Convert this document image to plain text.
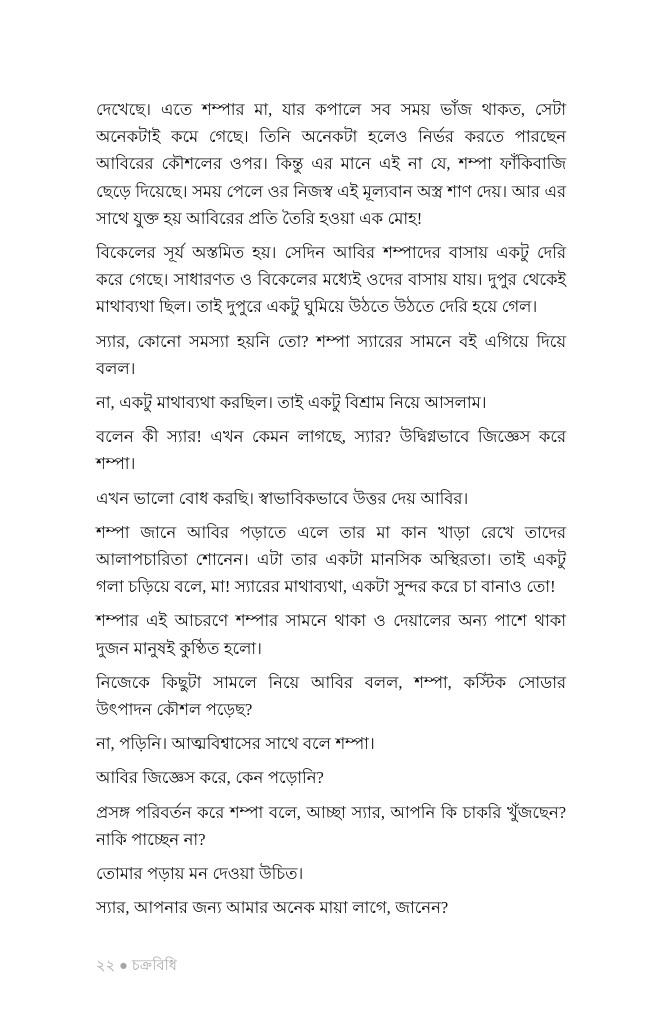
দেখেছে। এতে শম্পার মা, যার কপালে সব সময় ভাঁজ থাকত, সেটা অনেকটাই কমে গেছে। তিনি অনেকটা হলেও নির্ভর করতে পারছেন আবিরের কৌশলের ওপর। কিন্তু এর মানে এই না যে, শম্পা ফাঁকিবাজি ছেড়ে দিয়েছে। সময় পেলে ওর নিজস্ব এই মূল্যবান অস্ত্র শাণ দেয়। আর এর সাথে যুক্ত হয় আবিরের প্রতি তৈরি হওয়া এক মোহ!

বিকেলের সূর্য অস্তমিত হয়। সেদিন আবির শম্পাদের বাসায় একটু দেরি করে গেছে। সাধারণত ও বিকেলের মধ্যেই ওদের বাসায় যায়। দুপুর থেকেই মাথাব্যথা ছিল। তাই দুপুরে একটু ঘুমিয়ে উঠতে উঠতে দেরি হয়ে গেল।

স্যার, কোনো সমস্যা হয়নি তো? শম্পা স্যারের সামনে বই এগিয়ে দিয়ে বলল।

না, একটু মাথাব্যথা করছিল। তাই একটু বিশ্রাম নিয়ে আসলাম।

বলেন কী স্যার! এখন কেমন লাগছে, স্যার? উদ্বিগ্নভাবে জিজ্ঞেস করে শম্পা।

এখন ভালো বোধ করছি। স্বাভাবিকভাবে উত্তর দেয় আবির।

শম্পা জানে আবির পড়াতে এলে তার মা কান খাড়া রেখে তাদের আলাপচারিতা শোনেন। এটা তার একটা মানসিক অস্থিরতা। তাই একটু গলা চড়িয়ে বলে, মা! স্যারের মাথাব্যথা, একটা সুন্দর করে চা বানাও তো!

শম্পার এই আচরণে শম্পার সামনে থাকা ও দেয়ালের অন্য পাশে থাকা দুজন মানুষই কুণ্ঠিত হলো।

নিজেকে কিছুটা সামলে নিয়ে আবির বলল, শম্পা, কস্টিক সোডার উৎপাদন কৌশল পড়েছ?

না, পড়িনি। আত্মবিশ্বাসের সাথে বলে শম্পা।

আবির জিজ্ঞেস করে, কেন পড়োনি?

প্রসঙ্গ পরিবর্তন করে শম্পা বলে, আচ্ছা স্যার, আপনি কি চাকরি খুঁজছেন? নাকি পাচ্ছেন না?

তোমার পড়ায় মন দেওয়া উচিত।

স্যার, আপনার জন্য আমার অনেক মায়া লাগে, জানেন?

২২ ● চক্রবিধি
